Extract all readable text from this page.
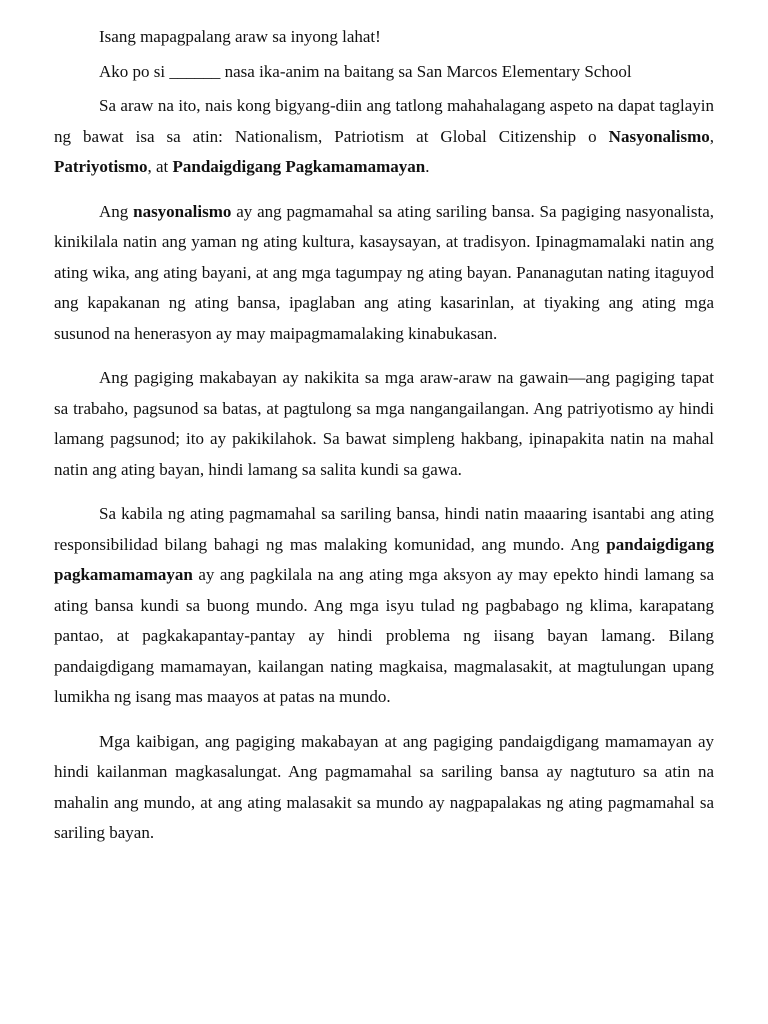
Isang mapagpalang araw sa inyong lahat!

Ako po si ______ nasa ika-anim na baitang sa San Marcos Elementary School

Sa araw na ito, nais kong bigyang-diin ang tatlong mahahalagang aspeto na dapat taglayin ng bawat isa sa atin: Nationalism, Patriotism at Global Citizenship o Nasyonalismo, Patriyotismo, at Pandaigdigang Pagkamamamayan.

Ang nasyonalismo ay ang pagmamahal sa ating sariling bansa. Sa pagiging nasyonalista, kinikilala natin ang yaman ng ating kultura, kasaysayan, at tradisyon. Ipinagmamalaki natin ang ating wika, ang ating bayani, at ang mga tagumpay ng ating bayan. Pananagutan nating itaguyod ang kapakanan ng ating bansa, ipaglaban ang ating kasarinlan, at tiyaking ang ating mga susunod na henerasyon ay may maipagmamalaking kinabukasan.

Ang pagiging makabayan ay nakikita sa mga araw-araw na gawain—ang pagiging tapat sa trabaho, pagsunod sa batas, at pagtulong sa mga nangangailangan. Ang patriyotismo ay hindi lamang pagsunod; ito ay pakikilahok. Sa bawat simpleng hakbang, ipinapakita natin na mahal natin ang ating bayan, hindi lamang sa salita kundi sa gawa.

Sa kabila ng ating pagmamahal sa sariling bansa, hindi natin maaaring isantabi ang ating responsibilidad bilang bahagi ng mas malaking komunidad, ang mundo. Ang pandaigdigang pagkamamamayan ay ang pagkilala na ang ating mga aksyon ay may epekto hindi lamang sa ating bansa kundi sa buong mundo. Ang mga isyu tulad ng pagbabago ng klima, karapatang pantao, at pagkakapantay-pantay ay hindi problema ng iisang bayan lamang. Bilang pandaigdigang mamamayan, kailangan nating magkaisa, magmalasakit, at magtulungan upang lumikha ng isang mas maayos at patas na mundo.

Mga kaibigan, ang pagiging makabayan at ang pagiging pandaigdigang mamamayan ay hindi kailanman magkasalungat. Ang pagmamahal sa sariling bansa ay nagtuturo sa atin na mahalin ang mundo, at ang ating malasakit sa mundo ay nagpapalakas ng ating pagmamahal sa sariling bayan.
